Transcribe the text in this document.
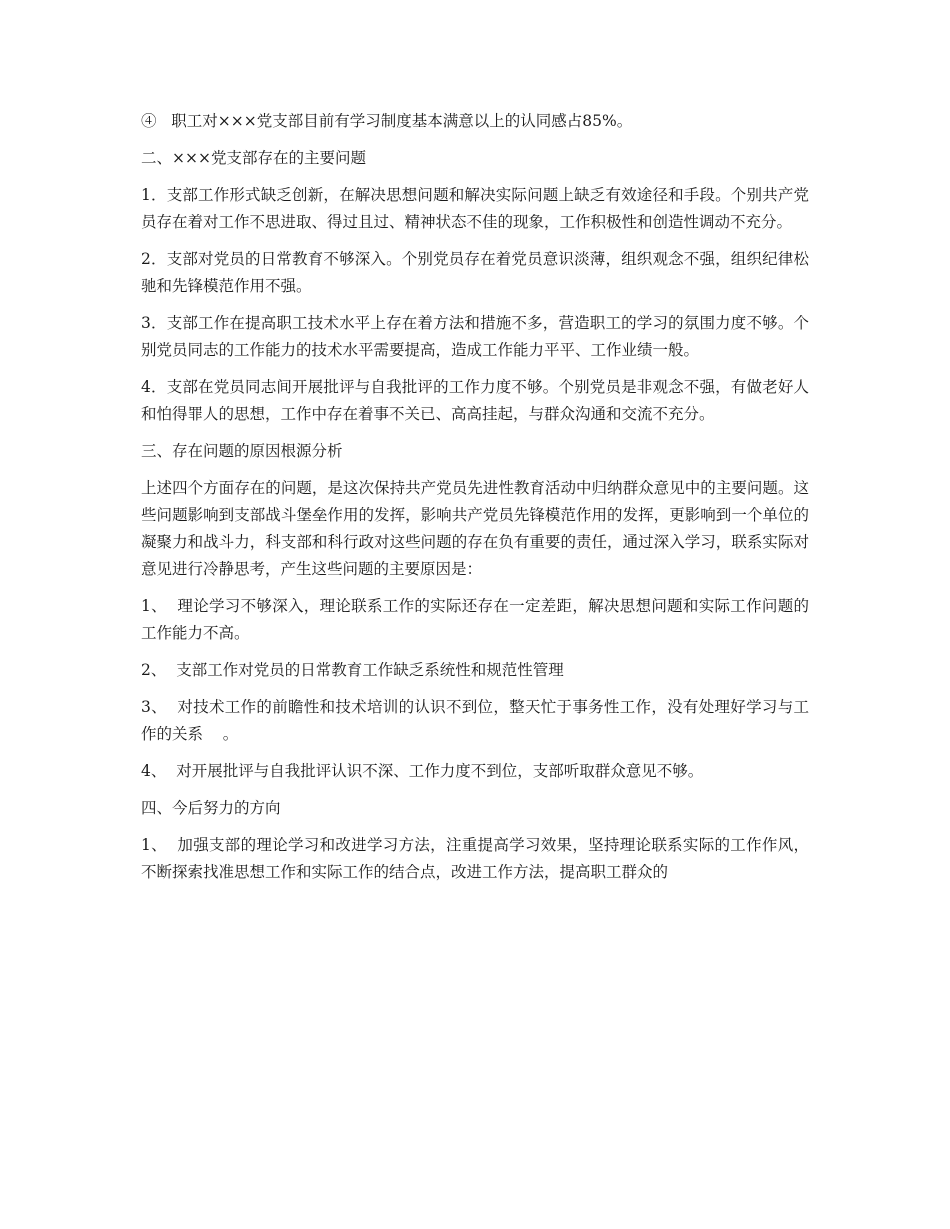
④   职工对×××党支部目前有学习制度基本满意以上的认同感占85%。

二、×××党支部存在的主要问题

1．支部工作形式缺乏创新，在解决思想问题和解决实际问题上缺乏有效途径和手段。个别共产党员存在着对工作不思进取、得过且过、精神状态不佳的现象，工作积极性和创造性调动不充分。

2．支部对党员的日常教育不够深入。个别党员存在着党员意识淡薄，组织观念不强，组织纪律松驰和先锋模范作用不强。

3．支部工作在提高职工技术水平上存在着方法和措施不多，营造职工的学习的氛围力度不够。个别党员同志的工作能力的技术水平需要提高，造成工作能力平平、工作业绩一般。

4．支部在党员同志间开展批评与自我批评的工作力度不够。个别党员是非观念不强，有做老好人和怕得罪人的思想，工作中存在着事不关已、高高挂起，与群众沟通和交流不充分。

三、存在问题的原因根源分析

上述四个方面存在的问题，是这次保持共产党员先进性教育活动中归纳群众意见中的主要问题。这些问题影响到支部战斗堡垒作用的发挥，影响共产党员先锋模范作用的发挥，更影响到一个单位的凝聚力和战斗力，科支部和科行政对这些问题的存在负有重要的责任，通过深入学习，联系实际对意见进行冷静思考，产生这些问题的主要原因是：

1、  理论学习不够深入，理论联系工作的实际还存在一定差距，解决思想问题和实际工作问题的工作能力不高。

2、  支部工作对党员的日常教育工作缺乏系统性和规范性管理

3、  对技术工作的前瞻性和技术培训的认识不到位，整天忙于事务性工作，没有处理好学习与工作的关系    。

4、  对开展批评与自我批评认识不深、工作力度不到位，支部听取群众意见不够。

四、今后努力的方向

1、  加强支部的理论学习和改进学习方法，注重提高学习效果，坚持理论联系实际的工作作风，不断探索找准思想工作和实际工作的结合点，改进工作方法，提高职工群众的
